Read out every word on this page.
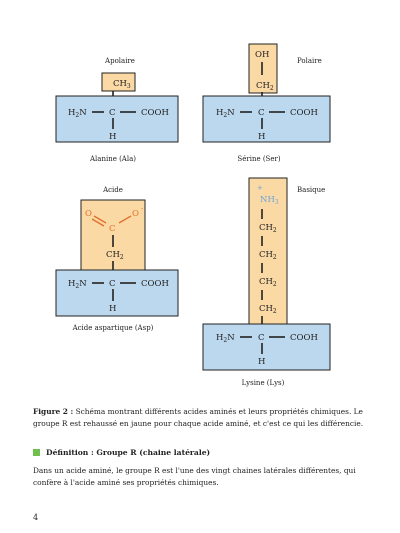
Apolaire
$CH_3$
$H_2N$	C	COOH
H
Alanine (Ala)
Polaire
OH
$CH_2$
$H_2N$	C	COOH
H
Sérine (Ser)
Acide
O	O -
C
$CH_2$
$H_2N$	C	COOH
H
Acide aspartique (Asp)
Basique
+
$NH_3$
$CH_2$
$CH_2$
$CH_2$
$CH_2$
$H_2N$	C	COOH
H
Lysine (Lys)

Figure 2 : Schéma montrant différents acides aminés et leurs propriétés chimiques. Le groupe R est rehaussé en jaune pour chaque acide aminé, et c'est ce qui les différencie.

Définition : Groupe R (chaine latérale)

Dans un acide aminé, le groupe R est l'une des vingt chaines latérales différentes, qui confère à l'acide aminé ses propriétés chimiques.

4
